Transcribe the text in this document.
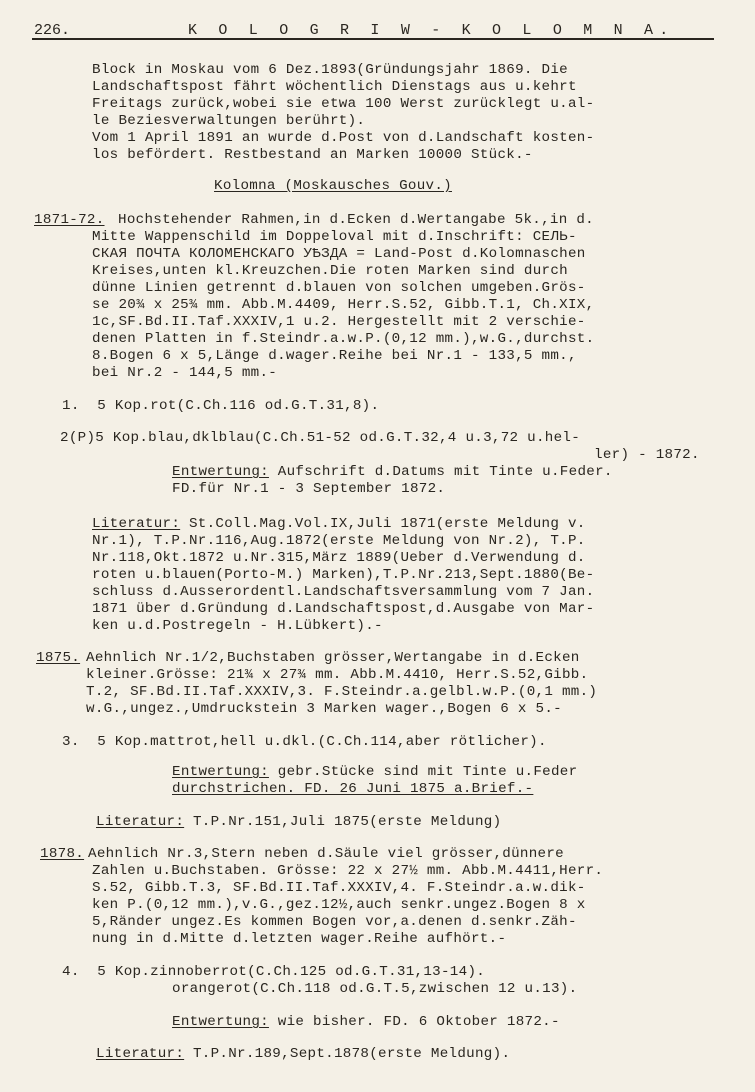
226.	K O L O G R I W - K O L O M N A.
Block in Moskau vom 6 Dez.1893(Gründungsjahr 1869. Die
Landschaftspost fährt wöchentlich Dienstags aus u.kehrt
Freitags zurück,wobei sie etwa 100 Werst zurücklegt u.al-
le Beziesverwaltungen berührt).
Vom 1 April 1891 an wurde d.Post von d.Landschaft kosten-
los befördert. Restbestand an Marken 10000 Stück.-
Kolomna (Moskausches Gouv.)
1871-72. Hochstehender Rahmen,in d.Ecken d.Wertangabe 5k.,in d.
Mitte Wappenschild im Doppeloval mit d.Inschrift: СЕЛЬ-
СКАЯ ПОЧТА КОЛОМЕНСКАГО УѢЗДА = Land-Post d.Kolomnaschen
Kreises,unten kl.Kreuzchen.Die roten Marken sind durch
dünne Linien getrennt d.blauen von solchen umgeben.Grös-
se 20¾ x 25¾ mm. Abb.M.4409, Herr.S.52, Gibb.T.1, Ch.XIX,
1c,SF.Bd.II.Taf.XXXIV,1 u.2. Hergestellt mit 2 verschie-
denen Platten in f.Steindr.a.w.P.(0,12 mm.),w.G.,durchst.
8.Bogen 6 x 5,Länge d.wager.Reihe bei Nr.1 - 133,5 mm.,
bei Nr.2 - 144,5 mm.-
1.  5 Kop.rot(C.Ch.116 od.G.T.31,8).
2(P)5 Kop.blau,dklblau(C.Ch.51-52 od.G.T.32,4 u.3,72 u.hel-
ler) - 1872.
Entwertung: Aufschrift d.Datums mit Tinte u.Feder.
FD.für Nr.1 - 3 September 1872.
Literatur: St.Coll.Mag.Vol.IX,Juli 1871(erste Meldung v.
Nr.1), T.P.Nr.116,Aug.1872(erste Meldung von Nr.2), T.P.
Nr.118,Okt.1872 u.Nr.315,März 1889(Ueber d.Verwendung d.
roten u.blauen(Porto-M.) Marken),T.P.Nr.213,Sept.1880(Be-
schluss d.Ausserordentl.Landschaftsversammlung vom 7 Jan.
1871 über d.Gründung d.Landschaftspost,d.Ausgabe von Mar-
ken u.d.Postregeln - H.Lübkert).-
1875. Aehnlich Nr.1/2,Buchstaben grösser,Wertangabe in d.Ecken
kleiner.Grösse: 21¾ x 27¾ mm. Abb.M.4410, Herr.S.52,Gibb.
T.2, SF.Bd.II.Taf.XXXIV,3. F.Steindr.a.gelbl.w.P.(0,1 mm.)
w.G.,ungez.,Umdruckstein 3 Marken wager.,Bogen 6 x 5.-
3.  5 Kop.mattrot,hell u.dkl.(C.Ch.114,aber rötlicher).
Entwertung: gebr.Stücke sind mit Tinte u.Feder
durchstrichen. FD. 26 Juni 1875 a.Brief.-
Literatur: T.P.Nr.151,Juli 1875(erste Meldung)
1878. Aehnlich Nr.3,Stern neben d.Säule viel grösser,dünnere
Zahlen u.Buchstaben. Grösse: 22 x 27½ mm. Abb.M.4411,Herr.
S.52, Gibb.T.3, SF.Bd.II.Taf.XXXIV,4. F.Steindr.a.w.dik-
ken P.(0,12 mm.),v.G.,gez.12½,auch senkr.ungez.Bogen 8 x
5,Ränder ungez.Es kommen Bogen vor,a.denen d.senkr.Zäh-
nung in d.Mitte d.letzten wager.Reihe aufhört.-
4.  5 Kop.zinnoberrot(C.Ch.125 od.G.T.31,13-14).
orangerot(C.Ch.118 od.G.T.5,zwischen 12 u.13).
Entwertung: wie bisher. FD. 6 Oktober 1872.-
Literatur: T.P.Nr.189,Sept.1878(erste Meldung).
